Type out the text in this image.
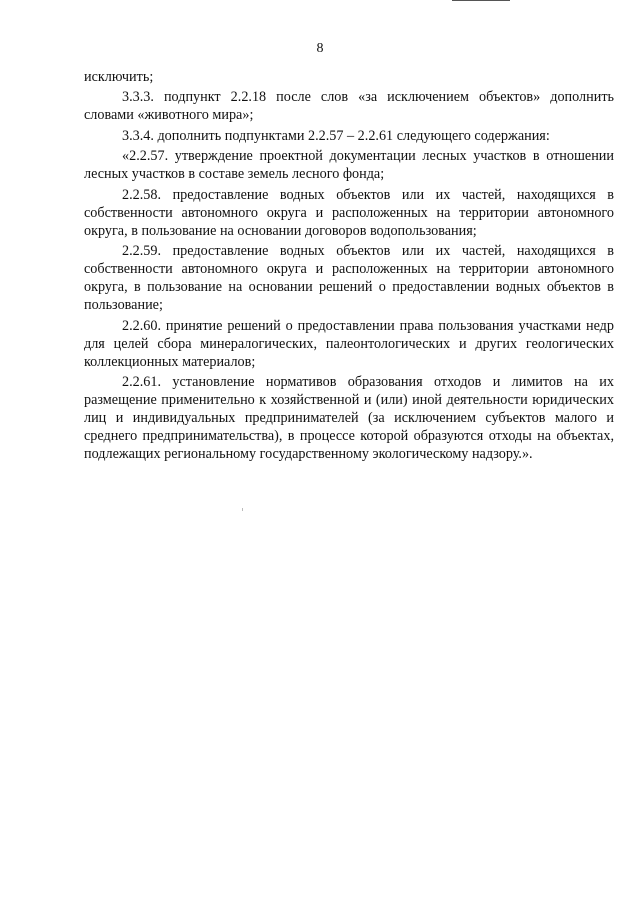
8

исключить;

3.3.3. подпункт 2.2.18 после слов «за исключением объектов» дополнить словами «животного мира»;

3.3.4. дополнить подпунктами 2.2.57 – 2.2.61 следующего содержания:

«2.2.57. утверждение проектной документации лесных участков в отношении лесных участков в составе земель лесного фонда;

2.2.58. предоставление водных объектов или их частей, находящихся в собственности автономного округа и расположенных на территории автономного округа, в пользование на основании договоров водопользования;

2.2.59. предоставление водных объектов или их частей, находящихся в собственности автономного округа и расположенных на территории автономного округа, в пользование на основании решений о предоставлении водных объектов в пользование;

2.2.60. принятие решений о предоставлении права пользования участками недр для целей сбора минералогических, палеонтологических и других геологических коллекционных материалов;

2.2.61. установление нормативов образования отходов и лимитов на их размещение применительно к хозяйственной и (или) иной деятельности юридических лиц и индивидуальных предпринимателей (за исключением субъектов малого и среднего предпринимательства), в процессе которой образуются отходы на объектах, подлежащих региональному государственному экологическому надзору.».
